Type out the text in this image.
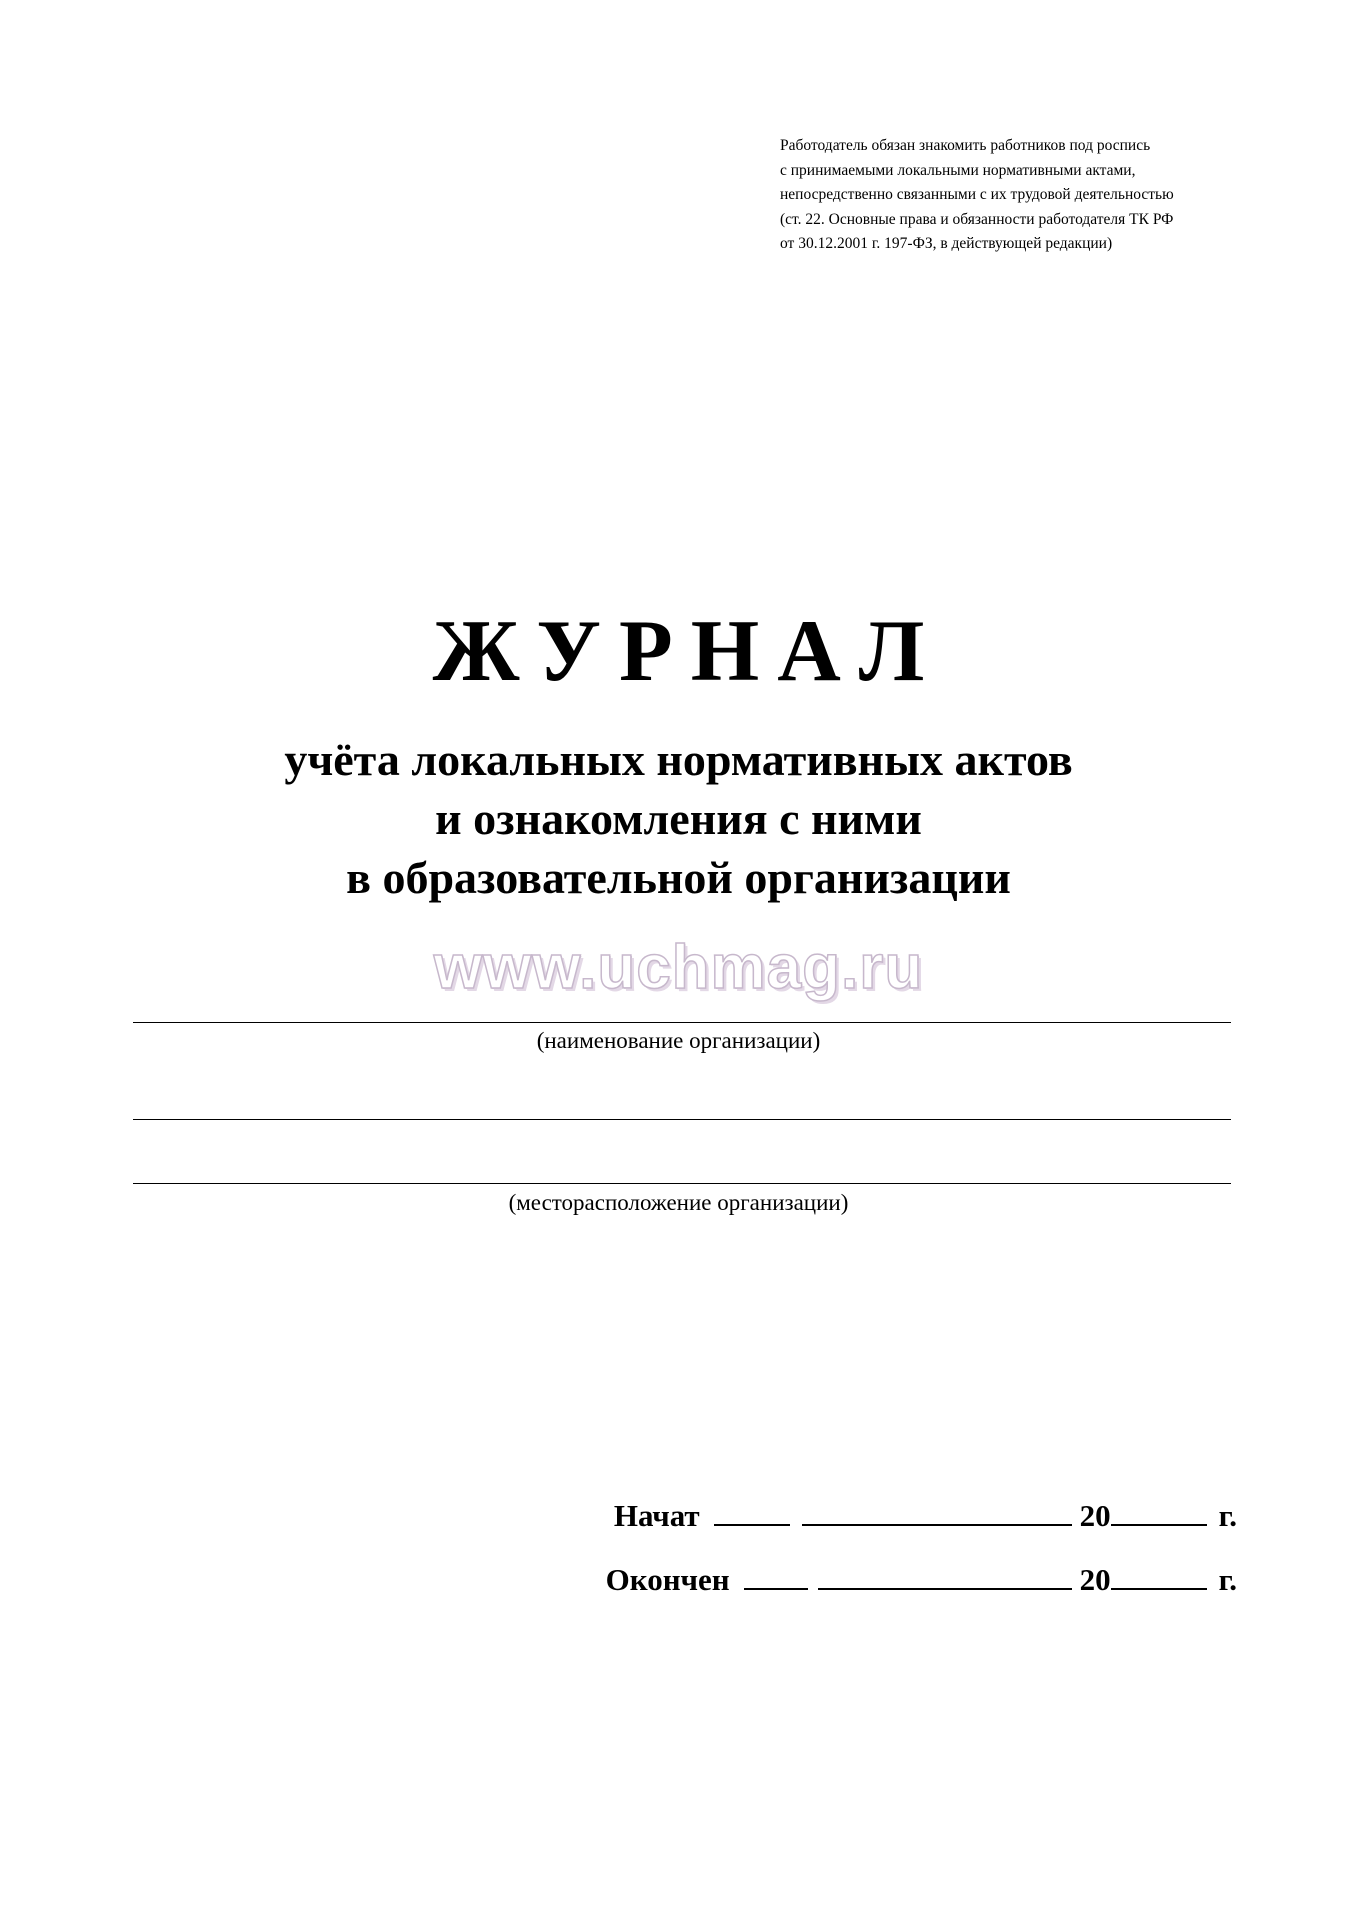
Работодатель обязан знакомить работников под роспись
с принимаемыми локальными нормативными актами,
непосредственно связанными с их трудовой деятельностью
(ст. 22. Основные права и обязанности работодателя ТК РФ
от 30.12.2001 г. 197-ФЗ, в действующей редакции)
ЖУРНАЛ
учёта локальных нормативных актов
и ознакомления с ними
в образовательной организации
www.uchmag.ru
(наименование организации)
(месторасположение организации)
Начат	20	г.
Окончен	20	г.
